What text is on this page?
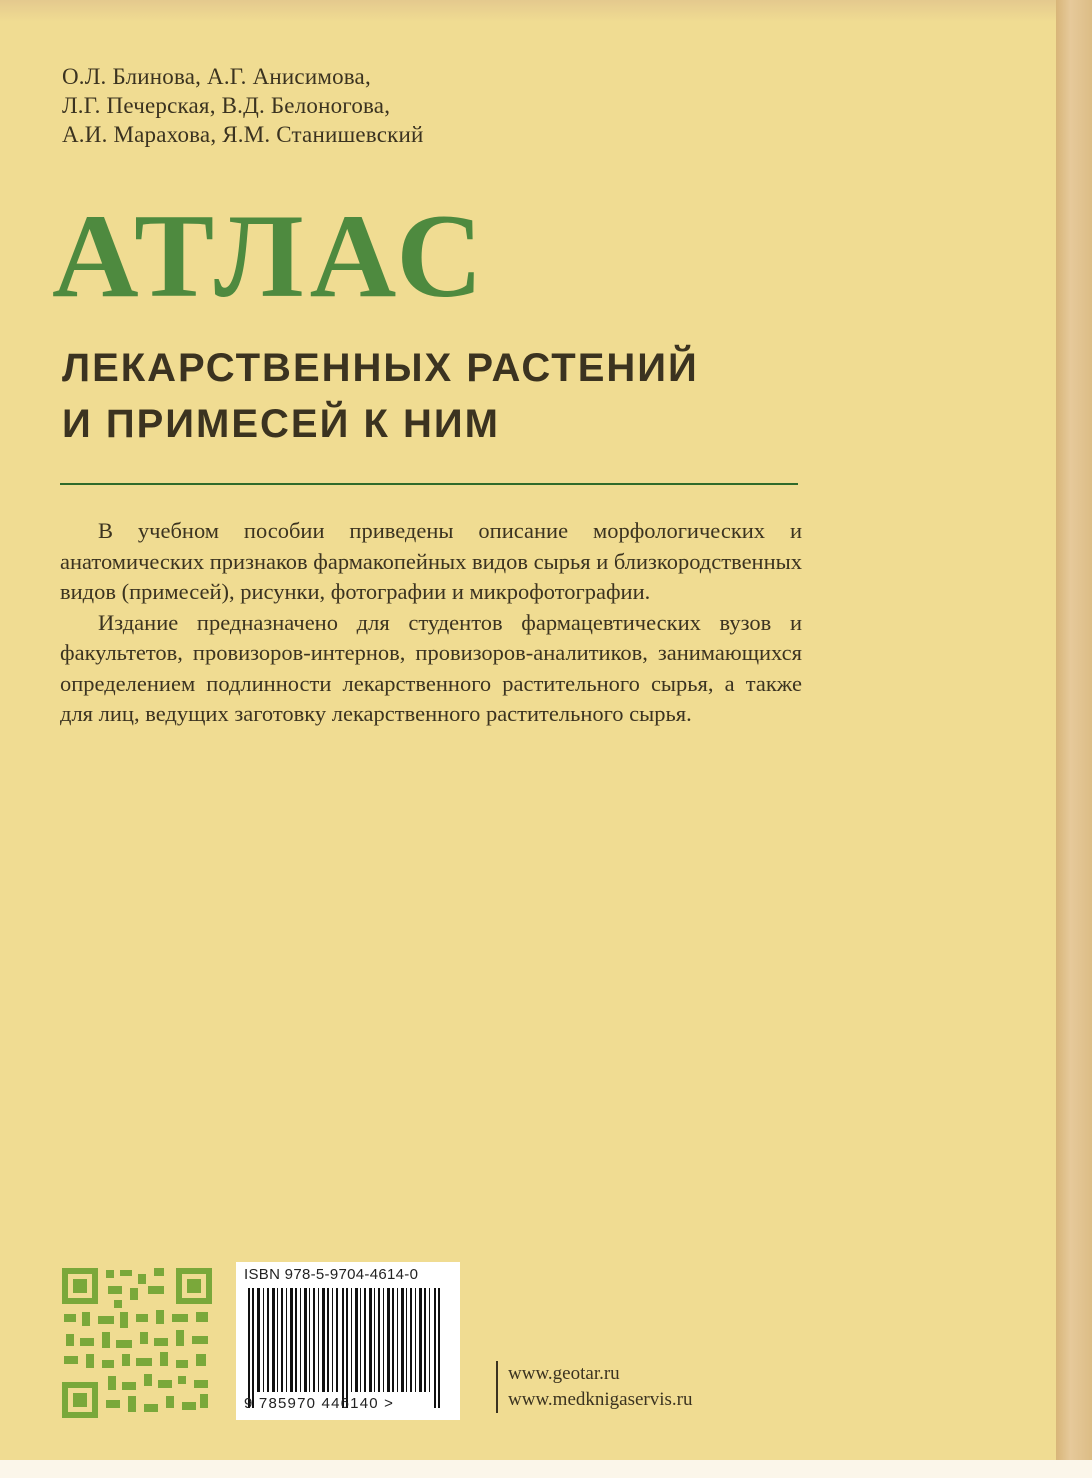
О.Л. Блинова, А.Г. Анисимова,
Л.Г. Печерская, В.Д. Белоногова,
А.И. Марахова, Я.М. Станишевский
АТЛАС
ЛЕКАРСТВЕННЫХ РАСТЕНИЙ
И ПРИМЕСЕЙ К НИМ

В учебном пособии приведены описание морфологических и анатомических признаков фармакопейных видов сырья и близкородственных видов (примесей), рисунки, фотографии и микрофотографии.

Издание предназначено для студентов фармацевтических вузов и факультетов, провизоров-интернов, провизоров-аналитиков, занимающихся определением подлинности лекарственного растительного сырья, а также для лиц, ведущих заготовку лекарственного растительного сырья.

ISBN 978-5-9704-4614-0
9 785970 446140 >
www.geotar.ru
www.medknigaservis.ru
